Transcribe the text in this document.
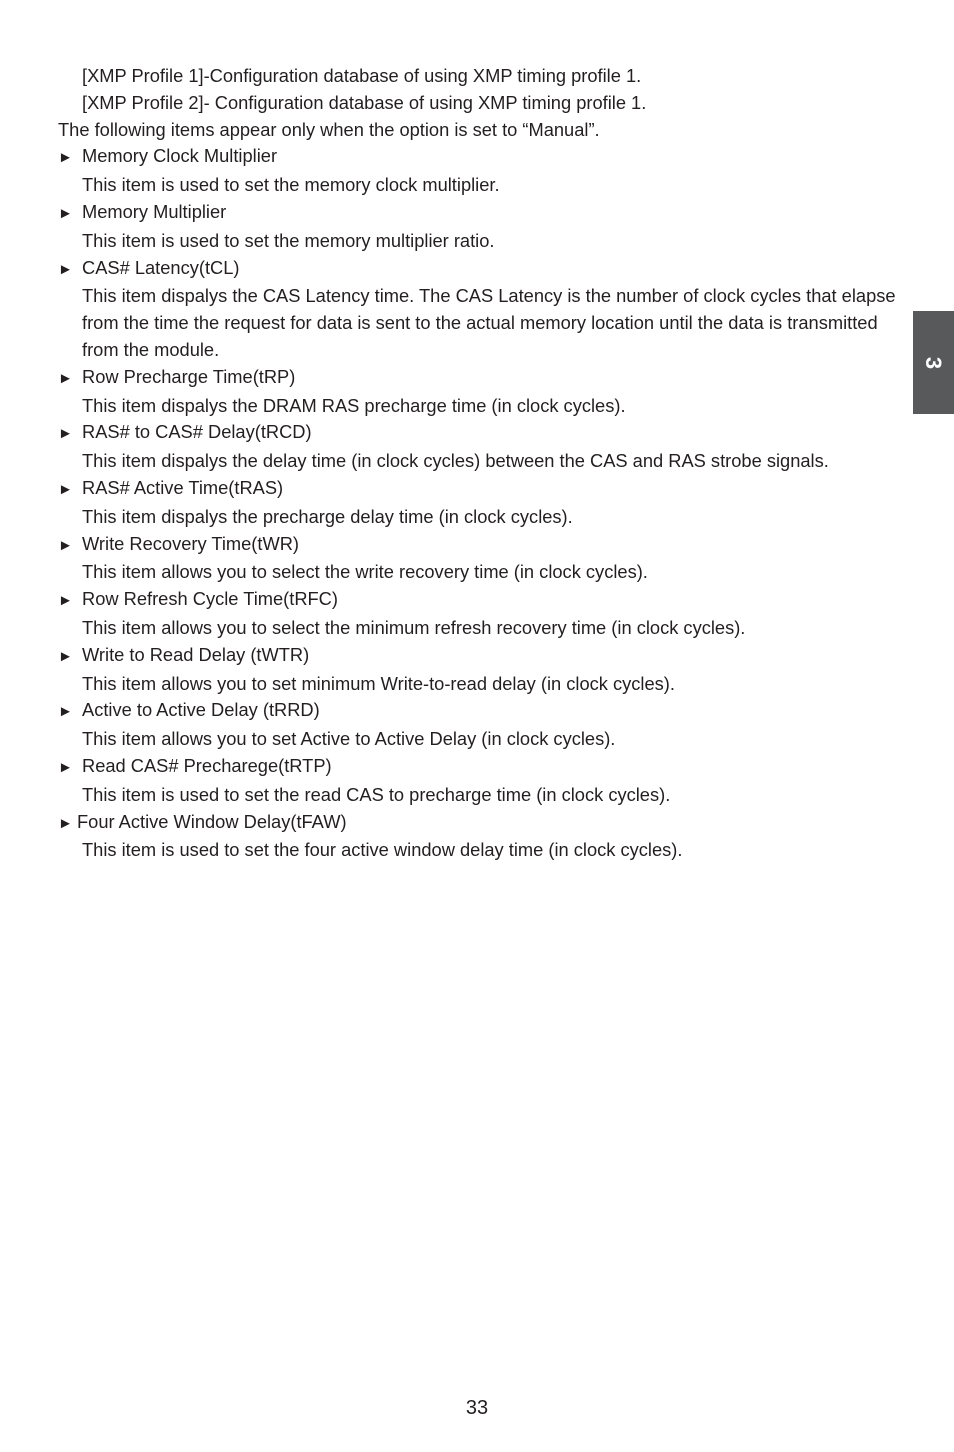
[XMP Profile 1]-Configuration database of using XMP timing profile 1.

[XMP Profile 2]- Configuration database of using XMP timing profile 1.

The following items appear only when the option is set to “Manual”.

► Memory Clock Multiplier

This item is used to set the memory clock multiplier.

► Memory Multiplier

This item is used to set the memory multiplier ratio.

► CAS# Latency(tCL)

This item dispalys the CAS Latency time. The CAS Latency is the number of clock cycles that elapse from the time the request for data is sent to the actual memory location until the data is transmitted from the module.

► Row Precharge Time(tRP)

This item dispalys the DRAM RAS precharge time (in clock cycles).

► RAS# to CAS# Delay(tRCD)

This item dispalys the delay time (in clock cycles) between the CAS and RAS strobe signals.

► RAS# Active Time(tRAS)

This item dispalys the precharge delay time (in clock cycles).

► Write Recovery Time(tWR)

This item allows you to select the write recovery time (in clock cycles).

► Row Refresh Cycle Time(tRFC)

This item allows you to select the minimum refresh recovery time (in clock cycles).

► Write to Read Delay (tWTR)

This item allows you to set minimum Write-to-read delay (in clock cycles).

► Active to Active Delay (tRRD)

This item allows you to set Active to Active Delay (in clock cycles).

► Read CAS# Precharege(tRTP)

This item is used to set the read CAS to precharge time (in clock cycles).

► Four Active Window Delay(tFAW)

This item is used to set the four active window delay time (in clock cycles).

3
33
